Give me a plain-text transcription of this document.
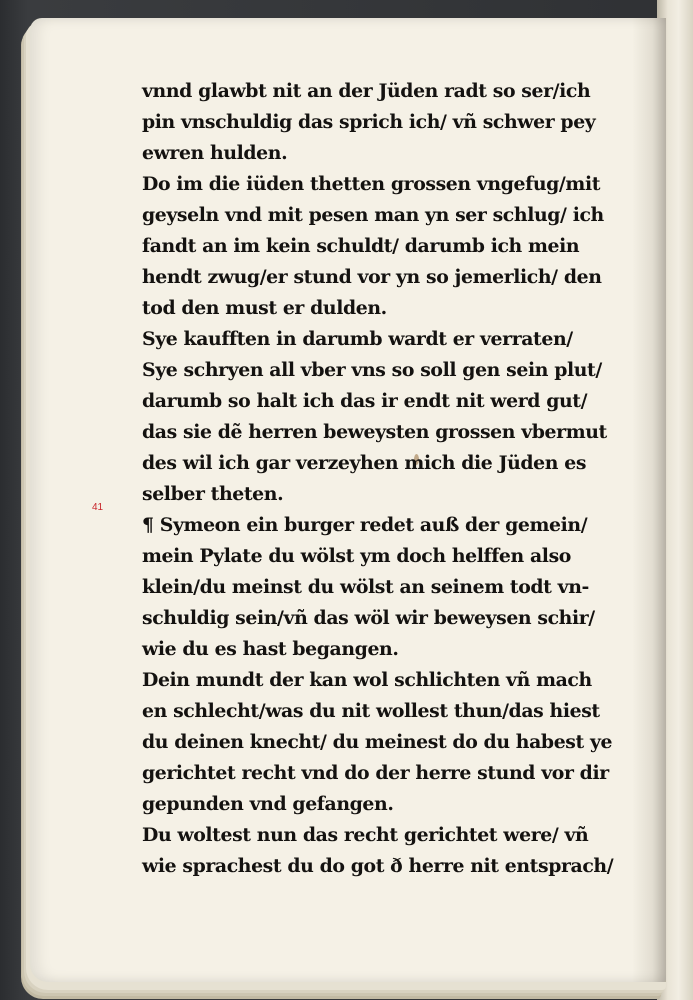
41
vnnd glawbt nit an der Jüden radt so ser/ich
pin vnschuldig das sprich ich/ vñ schwer pey
ewren hulden.
Do im die iüden thetten grossen vngefug/mit
geyseln vnd mit pesen man yn ser schlug/ ich
fandt an im kein schuldt/ darumb ich mein
hendt zwug/er stund vor yn so jemerlich/ den
tod den must er dulden.
Sye kaufften in darumb wardt er verraten/
Sye schryen all vber vns so soll gen sein plut/
darumb so halt ich das ir endt nit werd gut/
das sie dẽ herren beweysten grossen vbermut
des wil ich gar verzeyhen mich die Jüden es
selber theten.
¶ Symeon ein burger redet auß der gemein/
mein Pylate du wölst ym doch helffen also
klein/du meinst du wölst an seinem todt vn-
schuldig sein/vñ das wöl wir beweysen schir/
wie du es hast begangen.
Dein mundt der kan wol schlichten vñ mach
en schlecht/was du nit wollest thun/das hiest
du deinen knecht/ du meinest do du habest ye
gerichtet recht vnd do der herre stund vor dir
gepunden vnd gefangen.
Du woltest nun das recht gerichtet were/ vñ
wie sprachest du do got ð herre nit entsprach/
